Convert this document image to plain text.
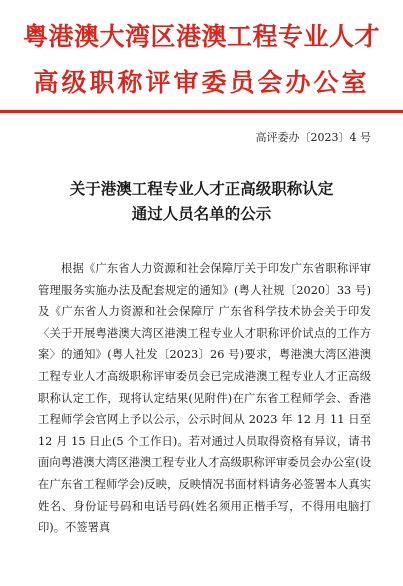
粤港澳大湾区港澳工程专业人才
高级职称评审委员会办公室
高评委办〔2023〕4 号
关于港澳工程专业人才正高级职称认定
通过人员名单的公示
　　根据《广东省人力资源和社会保障厅关于印发广东省职称评审管理服务实施办法及配套规定的通知》(粤人社规〔2020〕33 号)及《广东省人力资源和社会保障厅 广东省科学技术协会关于印发〈关于开展粤港澳大湾区港澳工程专业人才职称评价试点的工作方案〉的通知》(粤人社发〔2023〕26 号)要求，粤港澳大湾区港澳工程专业人才高级职称评审委员会已完成港澳工程专业人才正高级职称认定工作，现将认定结果(见附件)在广东省工程师学会、香港工程师学会官网上予以公示，公示时间从 2023 年 12 月 11 日至 12 月 15 日止(5 个工作日)。若对通过人员取得资格有异议，请书面向粤港澳大湾区港澳工程专业人才高级职称评审委员会办公室(设在广东省工程师学会)反映，反映情况书面材料请务必签署本人真实姓名、身份证号码和电话号码(姓名须用正楷手写，不得用电脑打印)。不签署真
